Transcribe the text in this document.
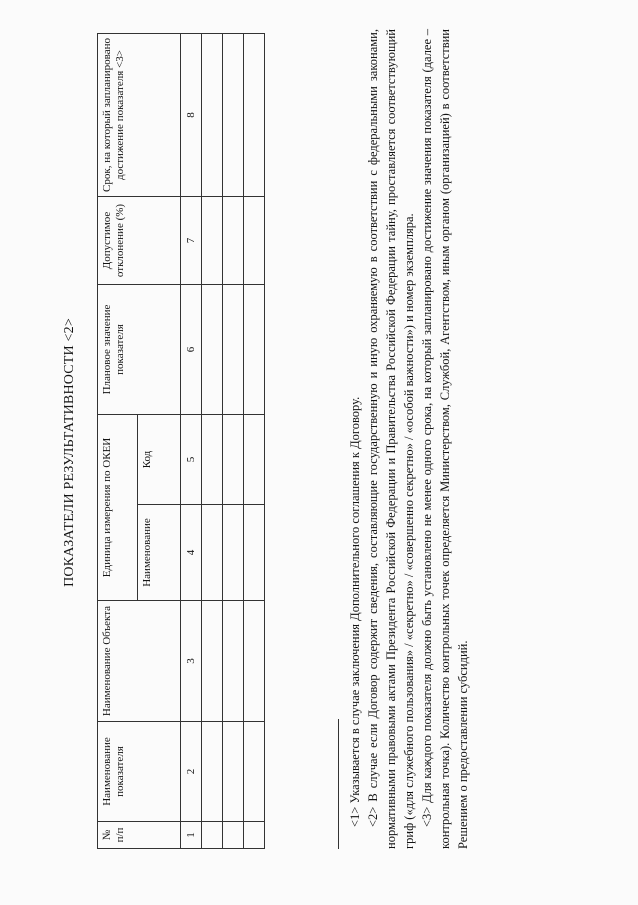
ПОКАЗАТЕЛИ РЕЗУЛЬТАТИВНОСТИ <2>
№ п/п	Наименование показателя	Наименование Объекта	Единица измерения по ОКЕИ		Плановое значение показателя	Допустимое отклонение (%)	Срок, на который запланировано достижение показателя <3>
			Наименование	Код			
1	2	3	4	5	6	7	8

<1> Указывается в случае заключения Дополнительного соглашения к Договору. <2> В случае если Договор содержит сведения, составляющие государственную и иную охраняемую в соответствии с федеральными законами, нормативными правовыми актами Президента Российской Федерации и Правительства Российской Федерации тайну, проставляется соответствующий гриф («для служебного пользования» / «секретно» / «совершенно секретно» / «особой важности») и номер экземпляра. <3> Для каждого показателя должно быть установлено не менее одного срока, на который запланировано достижение значения показателя (далее – контрольная точка). Количество контрольных точек определяется Министерством, Службой, Агентством, иным органом (организацией) в соответствии Решением о предоставлении субсидий.
